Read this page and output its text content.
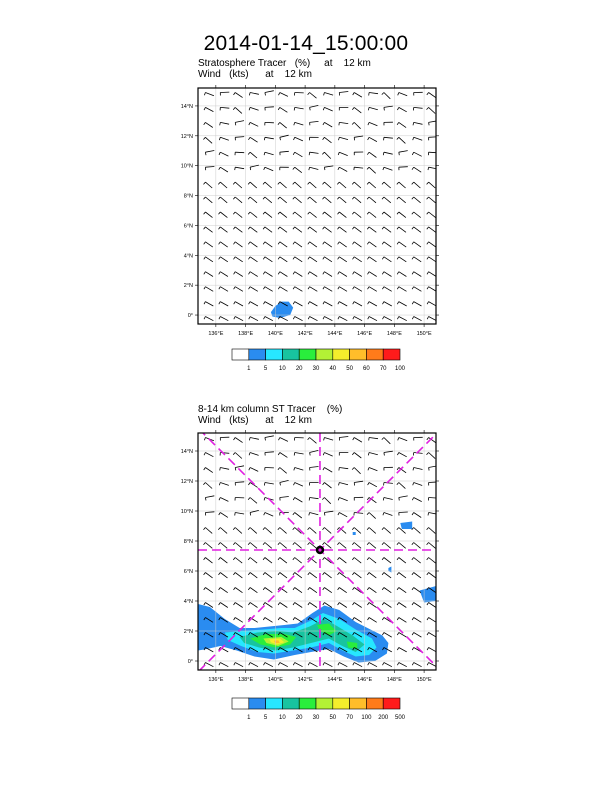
2014-01-14_15:00:00
Stratosphere Tracer   (%)     at    12 km
Wind   (kts)      at    12 km
8-14 km column ST Tracer    (%)
Wind   (kts)      at    12 km
136°E	138°E	140°E	142°E	144°E	146°E	148°E	150°E
0°
2°N
4°N
6°N
8°N
10°N
12°N
14°N
1 5 10 20 30 40 50 60 70 100
136°E	138°E	140°E	142°E	144°E	146°E	148°E	150°E
0°
2°N
4°N
6°N
8°N
10°N
12°N
14°N
1 5 10 20 30 50 70 100 200 500
